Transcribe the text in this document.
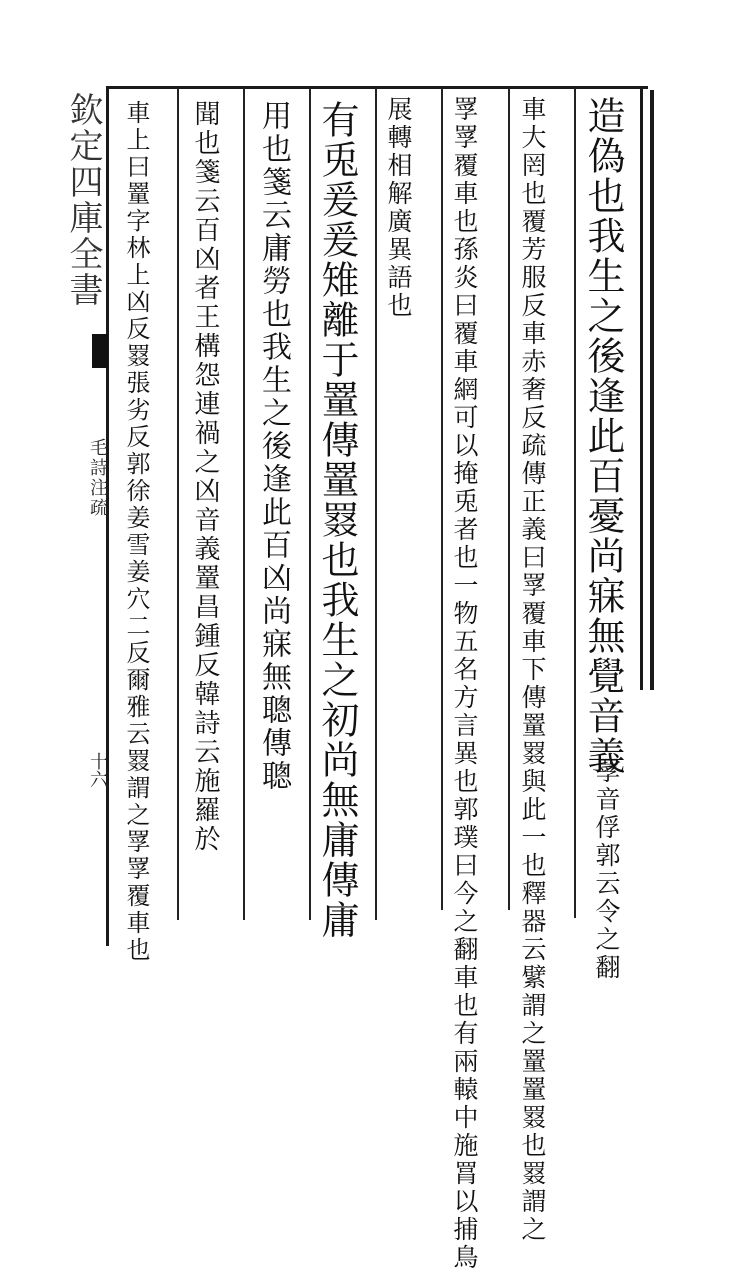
欽定四庫全書
毛詩注疏
十六	造偽也我生之後逢此百憂尚寐無覺音義
罦音俘郭云令之翻
車大罔也覆芳服反車赤奢反疏傳正義曰罦覆車下傳罿罬與此一也釋器云繴謂之罿罿罬也罬謂之
罦罦覆車也孫炎曰覆車網可以掩兎者也一物五名方言異也郭璞曰今之翻車也有兩轅中施罥以捕鳥
展轉相解廣異語也
有兎爰爰雉離于罿傳罿罬也我生之初尚無庸傳庸
用也箋云庸勞也我生之後逢此百凶尚寐無聰傳聰
聞也箋云百凶者王構怨連禍之凶音義罿昌鍾反韓詩云施羅於
車上曰罿字林上凶反罬張劣反郭徐姜雪姜穴二反爾雅云罬謂之罦罦覆車也
